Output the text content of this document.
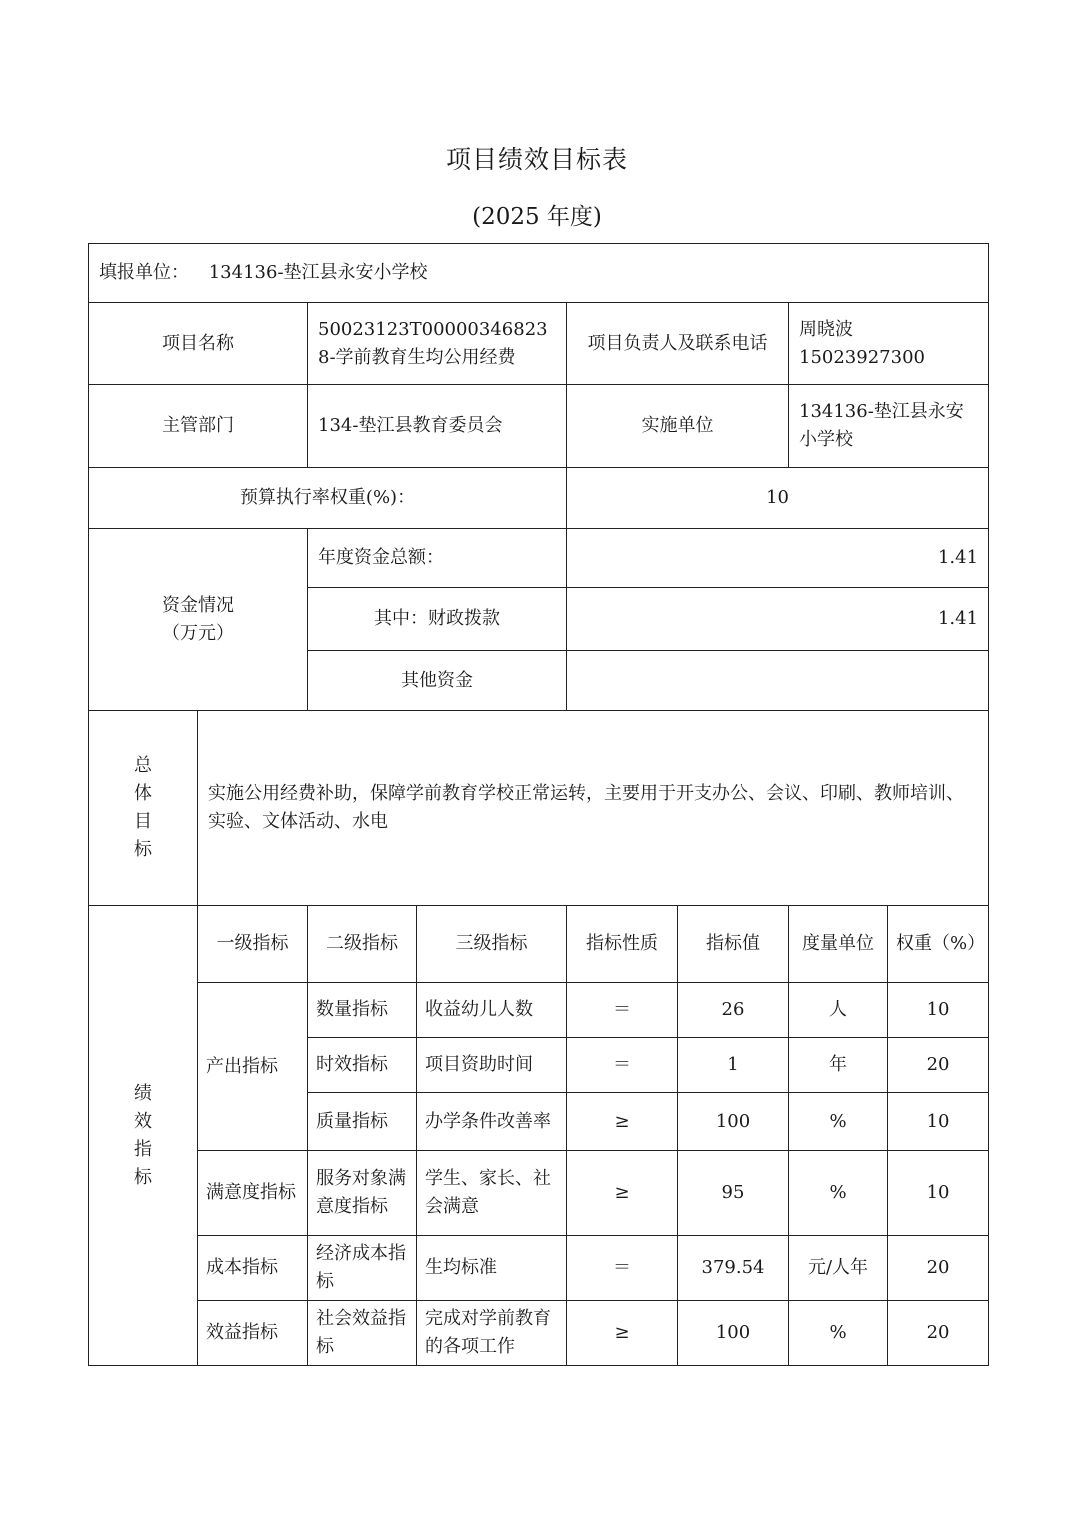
项目绩效目标表
(2025 年度)
填报单位： 134136-垫江县永安小学校							
项目名称		50023123T000003468238-学前教育生均公用经费		项目负责人及联系电话		周晓波 15023927300	
主管部门		134-垫江县教育委员会		实施单位		134136-垫江县永安小学校	
预算执行率权重(%)：				10			

资金情况
（万元）		年度资金总额：		1.41			
		其中：财政拨款		1.41			
		其他资金					

总
体
目
标	实施公用经费补助，保障学前教育学校正常运转，主要用于开支办公、会议、印刷、教师培训、实验、文体活动、水电						

绩
效
指
标	一级指标	二级指标	三级指标	指标性质	指标值	度量单位	权重（%）
	产出指标	数量指标	收益幼儿人数	＝	26	人	10
		时效指标	项目资助时间	＝	1	年	20
		质量指标	办学条件改善率	≥	100	%	10
	满意度指标	服务对象满意度指标	学生、家长、社会满意	≥	95	%	10
	成本指标	经济成本指标	生均标准	＝	379.54	元/人年	20
	效益指标	社会效益指标	完成对学前教育的各项工作	≥	100	%	20
